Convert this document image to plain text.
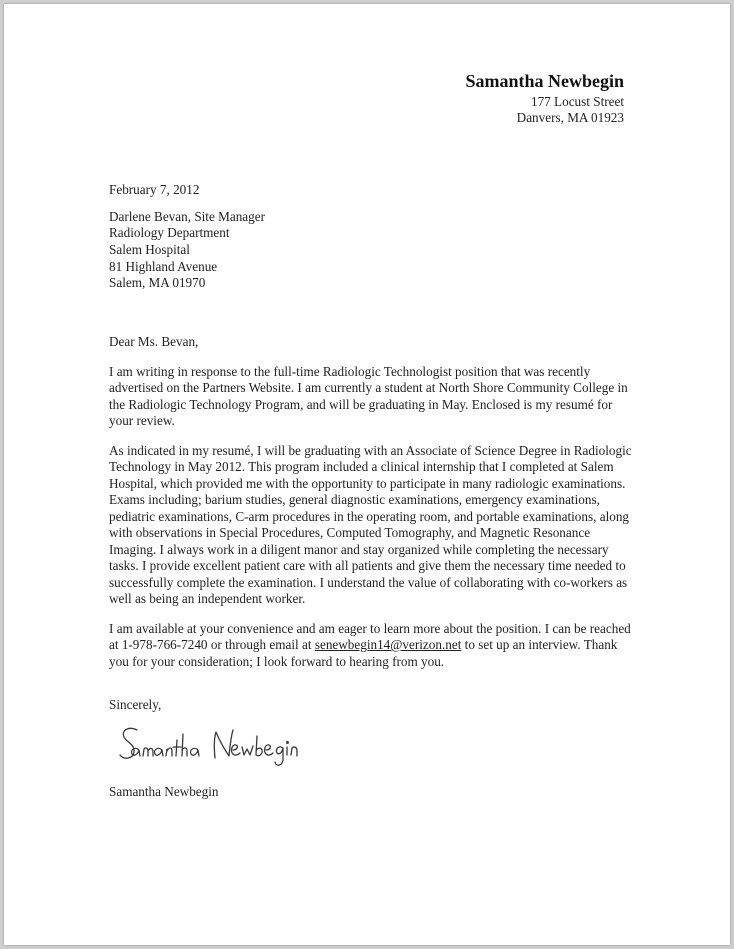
Samantha Newbegin
177 Locust Street
Danvers, MA 01923
February 7, 2012
Darlene Bevan, Site Manager
Radiology Department
Salem Hospital
81 Highland Avenue
Salem, MA 01970
Dear Ms. Bevan,
I am writing in response to the full-time Radiologic Technologist position that was recently advertised on the Partners Website. I am currently a student at North Shore Community College in the Radiologic Technology Program, and will be graduating in May. Enclosed is my resumé for your review.
As indicated in my resumé, I will be graduating with an Associate of Science Degree in Radiologic Technology in May 2012. This program included a clinical internship that I completed at Salem Hospital, which provided me with the opportunity to participate in many radiologic examinations. Exams including; barium studies, general diagnostic examinations, emergency examinations, pediatric examinations, C-arm procedures in the operating room, and portable examinations, along with observations in Special Procedures, Computed Tomography, and Magnetic Resonance Imaging. I always work in a diligent manor and stay organized while completing the necessary tasks. I provide excellent patient care with all patients and give them the necessary time needed to successfully complete the examination. I understand the value of collaborating with co-workers as well as being an independent worker.
I am available at your convenience and am eager to learn more about the position. I can be reached at 1-978-766-7240 or through email at senewbegin14@verizon.net to set up an interview. Thank you for your consideration; I look forward to hearing from you.
Sincerely,
Samantha Newbegin
